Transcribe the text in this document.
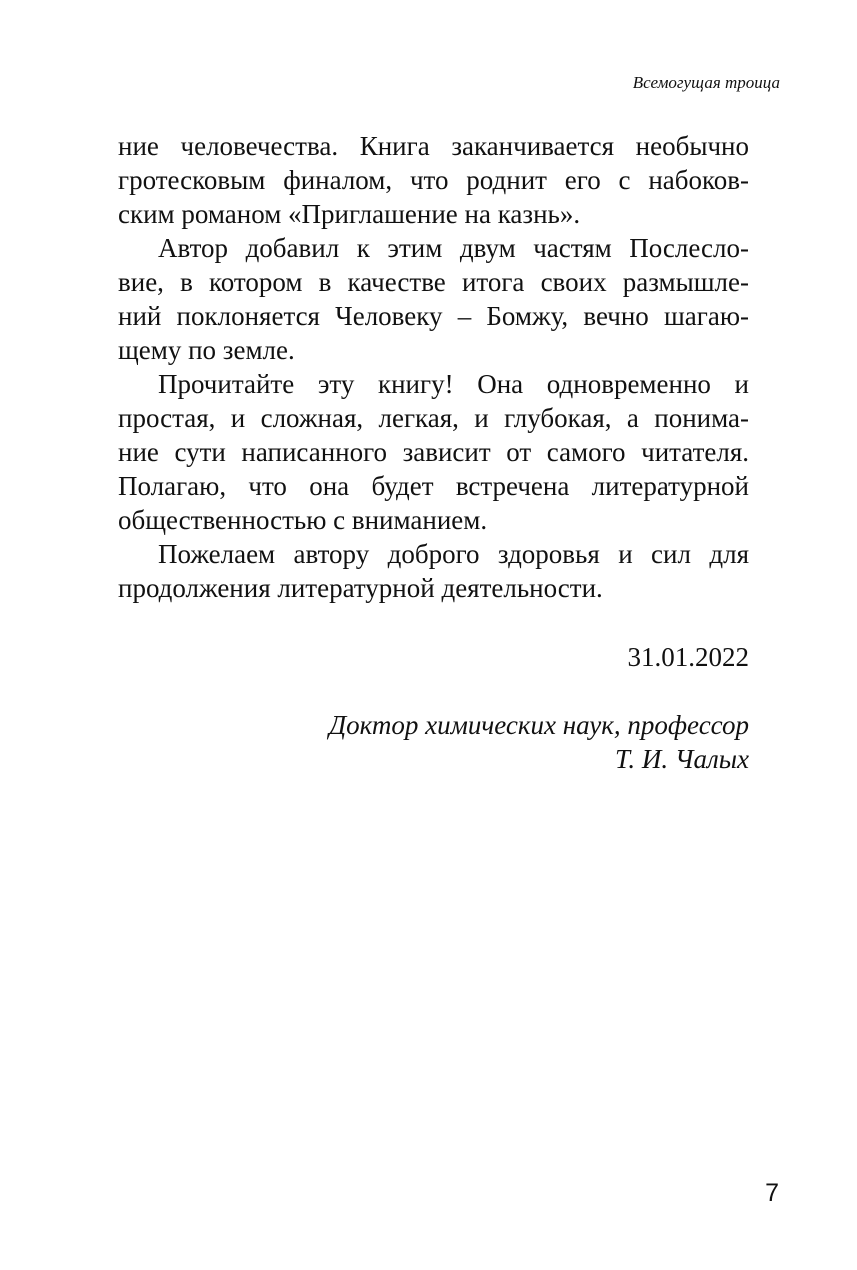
Всемогущая троица
ние человечества. Книга заканчивается необычно
гротесковым финалом, что роднит его с набоков-
ским романом «Приглашение на казнь».
Автор добавил к этим двум частям Послесло-
вие, в котором в качестве итога своих размышле-
ний поклоняется Человеку – Бомжу, вечно шагаю-
щему по земле.
Прочитайте эту книгу! Она одновременно и
простая, и сложная, легкая, и глубокая, а понима-
ние сути написанного зависит от самого читателя.
Полагаю, что она будет встречена литературной
общественностью с вниманием.
Пожелаем автору доброго здоровья и сил для
продолжения литературной деятельности.
31.01.2022
Доктор химических наук, профессор
Т. И. Чалых
7
